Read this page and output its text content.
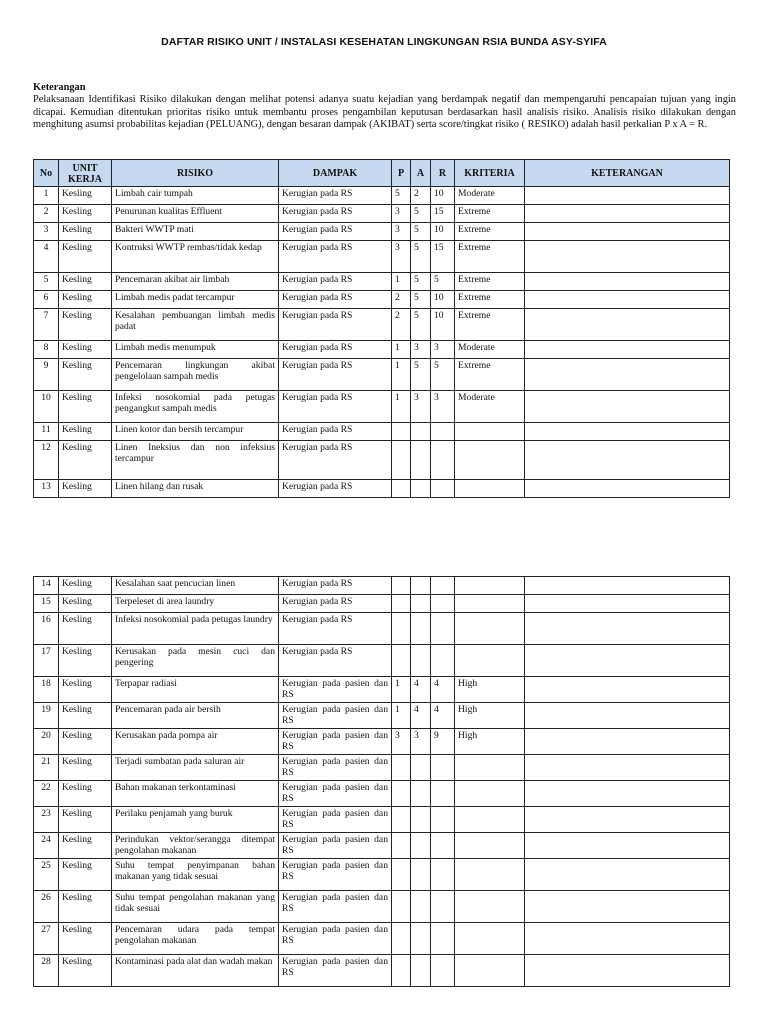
DAFTAR RISIKO UNIT / INSTALASI KESEHATAN LINGKUNGAN RSIA BUNDA ASY-SYIFA
Keterangan
Pelaksanaan Identifikasi Risiko dilakukan dengan melihat potensi adanya suatu kejadian yang berdampak negatif dan mempengaruhi pencapaian tujuan yang ingin dicapai. Kemudian ditentukan prioritas risiko untuk membantu proses pengambilan keputusan berdasarkan hasil analisis risiko. Analisis risiko dilakukan dengan menghitung asumsi probabilitas kejadian (PELUANG), dengan besaran dampak (AKIBAT) serta score/tingkat risiko ( RESIKO) adalah hasil perkalian P x A = R.
No	UNIT KERJA	RISIKO	DAMPAK	P	A	R	KRITERIA	KETERANGAN
1	Kesling	Limbah cair tumpah	Kerugian pada RS	5	2	10	Moderate	
2	Kesling	Penurunan kualitas Effluent	Kerugian pada RS	3	5	15	Extreme	
3	Kesling	Bakteri WWTP mati	Kerugian pada RS	3	5	10	Extreme	
4	Kesling	Kontruksi WWTP rembas/tidak kedap	Kerugian pada RS	3	5	15	Extreme	
5	Kesling	Pencemaran akibat air limbah	Kerugian pada RS	1	5	5	Extreme	
6	Kesling	Limbah medis padat tercampur	Kerugian pada RS	2	5	10	Extreme	
7	Kesling	Kesalahan pembuangan limbah medis padat	Kerugian pada RS	2	5	10	Extreme	
8	Kesling	Limbah medis menumpuk	Kerugian pada RS	1	3	3	Moderate	
9	Kesling	Pencemaran lingkungan akibat pengelolaan sampah medis	Kerugian pada RS	1	5	5	Extreme	
10	Kesling	Infeksi nosokomial pada petugas pengangkut sampah medis	Kerugian pada RS	1	3	3	Moderate	
11	Kesling	Linen kotor dan bersih tercampur	Kerugian pada RS					
12	Kesling	Linen Ineksius dan non infeksius tercampur	Kerugian pada RS					
13	Kesling	Linen hilang dan rusak	Kerugian pada RS					
14	Kesling	Kesalahan saat pencucian linen	Kerugian pada RS					
15	Kesling	Terpeleset di area laundry	Kerugian pada RS					
16	Kesling	Infeksi nosokomial pada petugas laundry	Kerugian pada RS					
17	Kesling	Kerusakan pada mesin cuci dan pengering	Kerugian pada RS					
18	Kesling	Terpapar radiasi	Kerugian pada pasien dan RS	1	4	4	High	
19	Kesling	Pencemaran pada air bersih	Kerugian pada pasien dan RS	1	4	4	High	
20	Kesling	Kerusakan pada pompa air	Kerugian pada pasien dan RS	3	3	9	High	
21	Kesling	Terjadi sumbatan pada saluran air	Kerugian pada pasien dan RS					
22	Kesling	Bahan makanan terkontaminasi	Kerugian pada pasien dan RS					
23	Kesling	Perilaku penjamah yang buruk	Kerugian pada pasien dan RS					
24	Kesling	Perindukan vektor/serangga ditempat pengolahan makanan	Kerugian pada pasien dan RS					
25	Kesling	Suhu tempat penyimpanan bahan makanan yang tidak sesuai	Kerugian pada pasien dan RS					
26	Kesling	Suhu tempat pengolahan makanan yang tidak sesuai	Kerugian pada pasien dan RS					
27	Kesling	Pencemaran udara pada tempat pengolahan makanan	Kerugian pada pasien dan RS					
28	Kesling	Kontaminasi pada alat dan wadah makan	Kerugian pada pasien dan RS					
